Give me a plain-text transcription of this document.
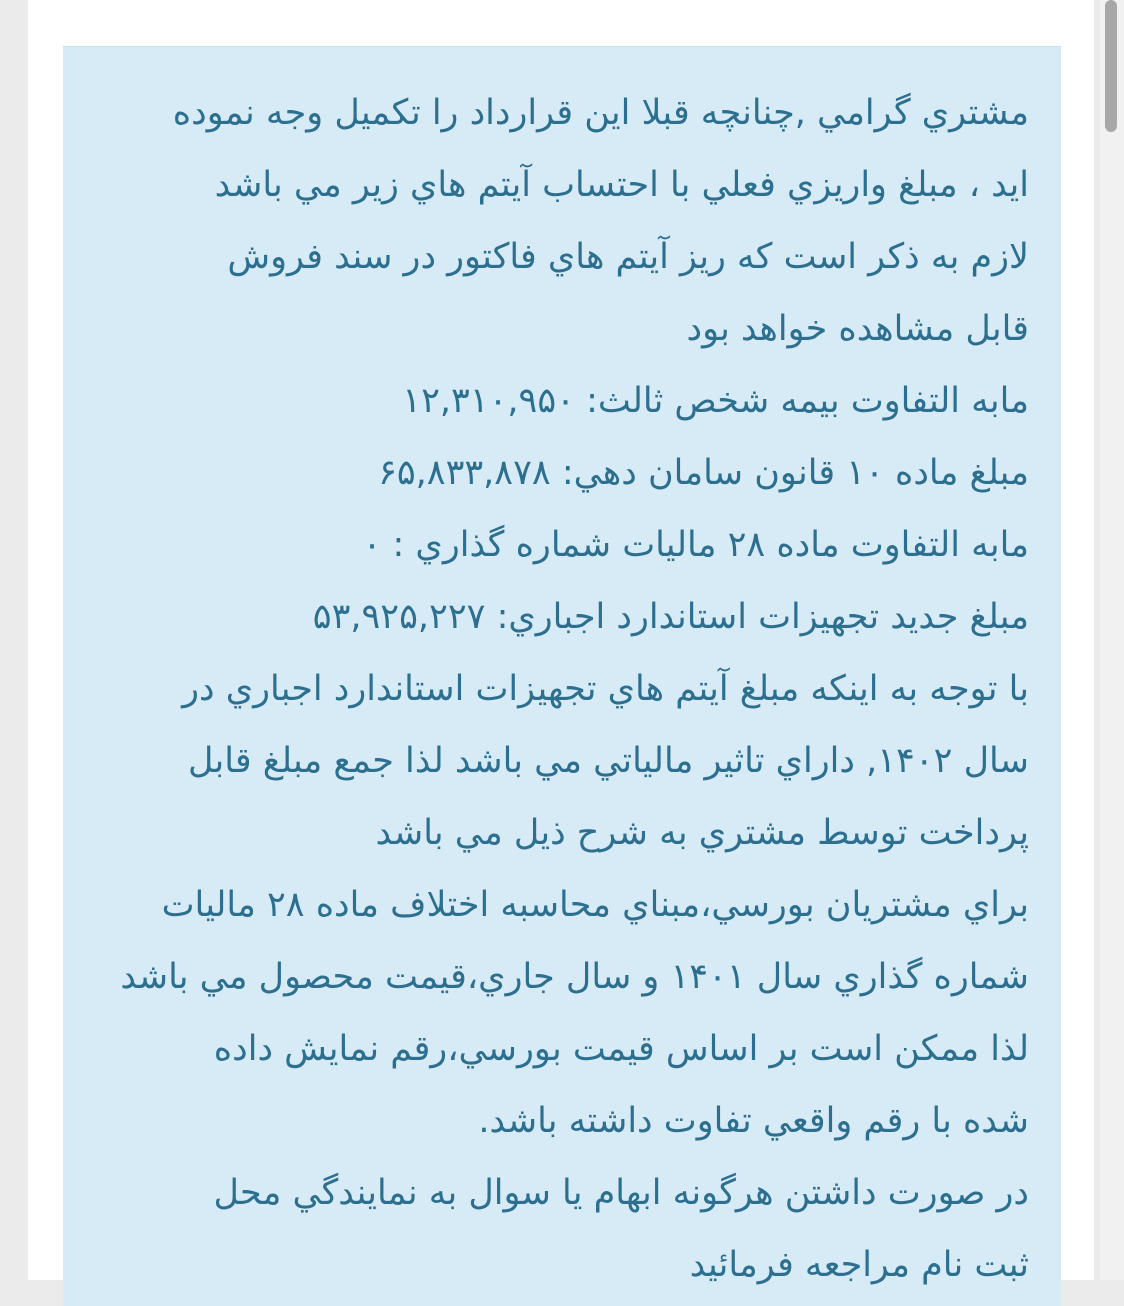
مشتري گرامي ,چنانچه قبلا اين قرارداد را تكميل وجه نموده
ايد ، مبلغ واريزي فعلي با احتساب آيتم هاي زير مي باشد
لازم به ذكر است كه ريز آيتم هاي فاكتور در سند فروش
قابل مشاهده خواهد بود
مابه التفاوت بيمه شخص ثالث: ۱۲,۳۱۰,۹۵۰
مبلغ ماده ۱۰ قانون سامان دهي: ۶۵,۸۳۳,۸۷۸
مابه التفاوت ماده ۲۸ ماليات شماره گذاري : ۰
مبلغ جديد تجهيزات استاندارد اجباري: ۵۳,۹۲۵,۲۲۷
با توجه به اينكه مبلغ آيتم هاي تجهيزات استاندارد اجباري در
سال ۱۴۰۲, داراي تاثير مالياتي مي باشد لذا جمع مبلغ قابل
پرداخت توسط مشتري به شرح ذيل مي باشد
براي مشتريان بورسي،مبناي محاسبه اختلاف ماده ۲۸ ماليات
شماره گذاري سال ۱۴۰۱ و سال جاري،قيمت محصول مي باشد
لذا ممكن است بر اساس قيمت بورسي،رقم نمايش داده
شده با رقم واقعي تفاوت داشته باشد.
در صورت داشتن هرگونه ابهام يا سوال به نمايندگي محل
ثبت نام مراجعه فرمائيد
